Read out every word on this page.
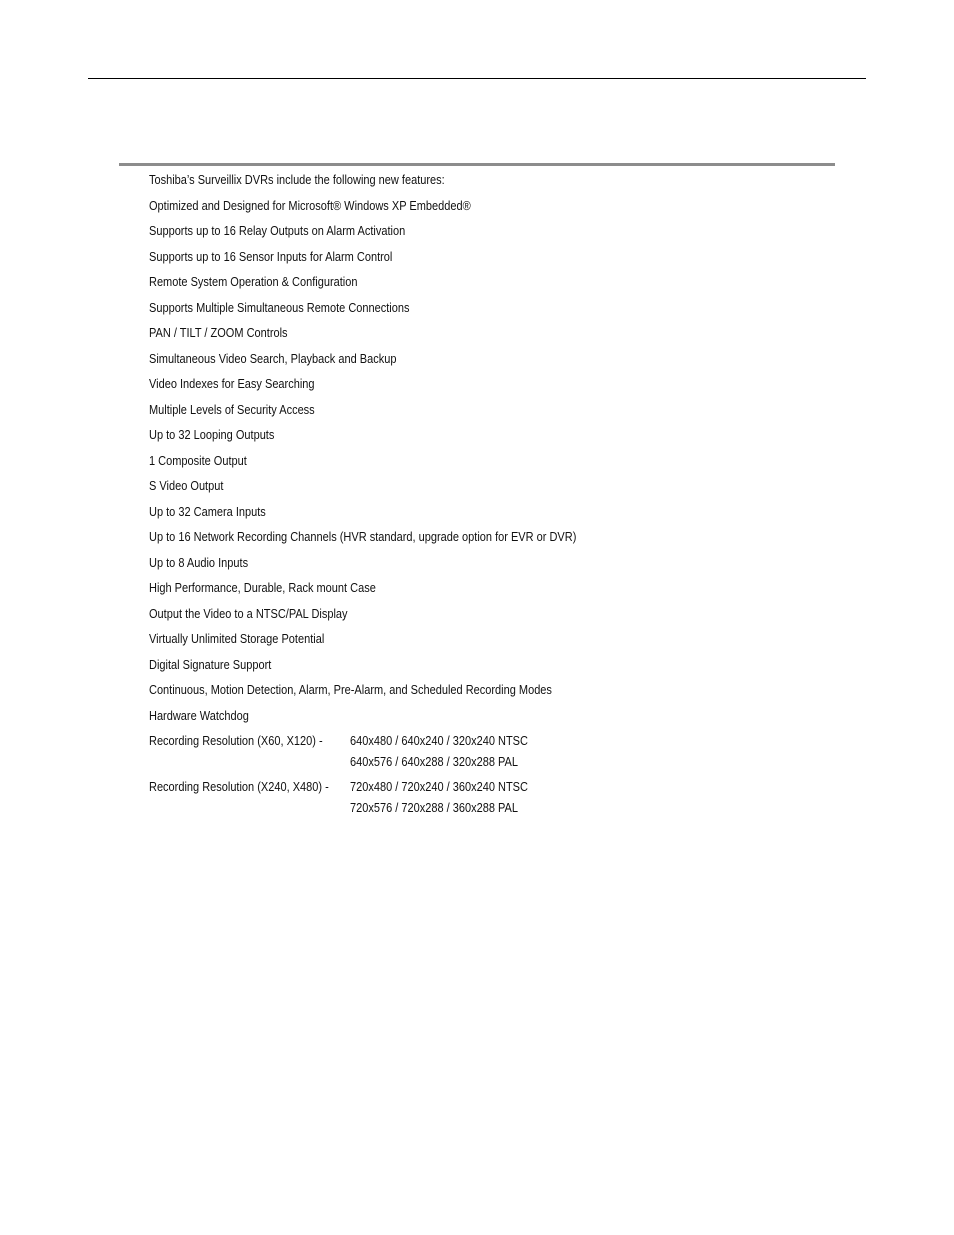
Toshiba’s Surveillix DVRs include the following new features:

Optimized and Designed for Microsoft® Windows XP Embedded®
Supports up to 16 Relay Outputs on Alarm Activation
Supports up to 16 Sensor Inputs for Alarm Control
Remote System Operation & Configuration
Supports Multiple Simultaneous Remote Connections
PAN / TILT / ZOOM Controls
Simultaneous Video Search, Playback and Backup
Video Indexes for Easy Searching
Multiple Levels of Security Access
Up to 32 Looping Outputs
1 Composite Output
S Video Output
Up to 32 Camera Inputs
Up to 16 Network Recording Channels (HVR standard, upgrade option for EVR or DVR)
Up to 8 Audio Inputs
High Performance, Durable, Rack mount Case
Output the Video to a NTSC/PAL Display
Virtually Unlimited Storage Potential
Digital Signature Support
Continuous, Motion Detection, Alarm, Pre-Alarm, and Scheduled Recording Modes
Hardware Watchdog
Recording Resolution (X60, X120) - 640x480 / 640x240 / 320x240 NTSC
640x576 / 640x288 / 320x288 PAL
Recording Resolution (X240, X480) - 720x480 / 720x240 / 360x240 NTSC
720x576 / 720x288 / 360x288 PAL
